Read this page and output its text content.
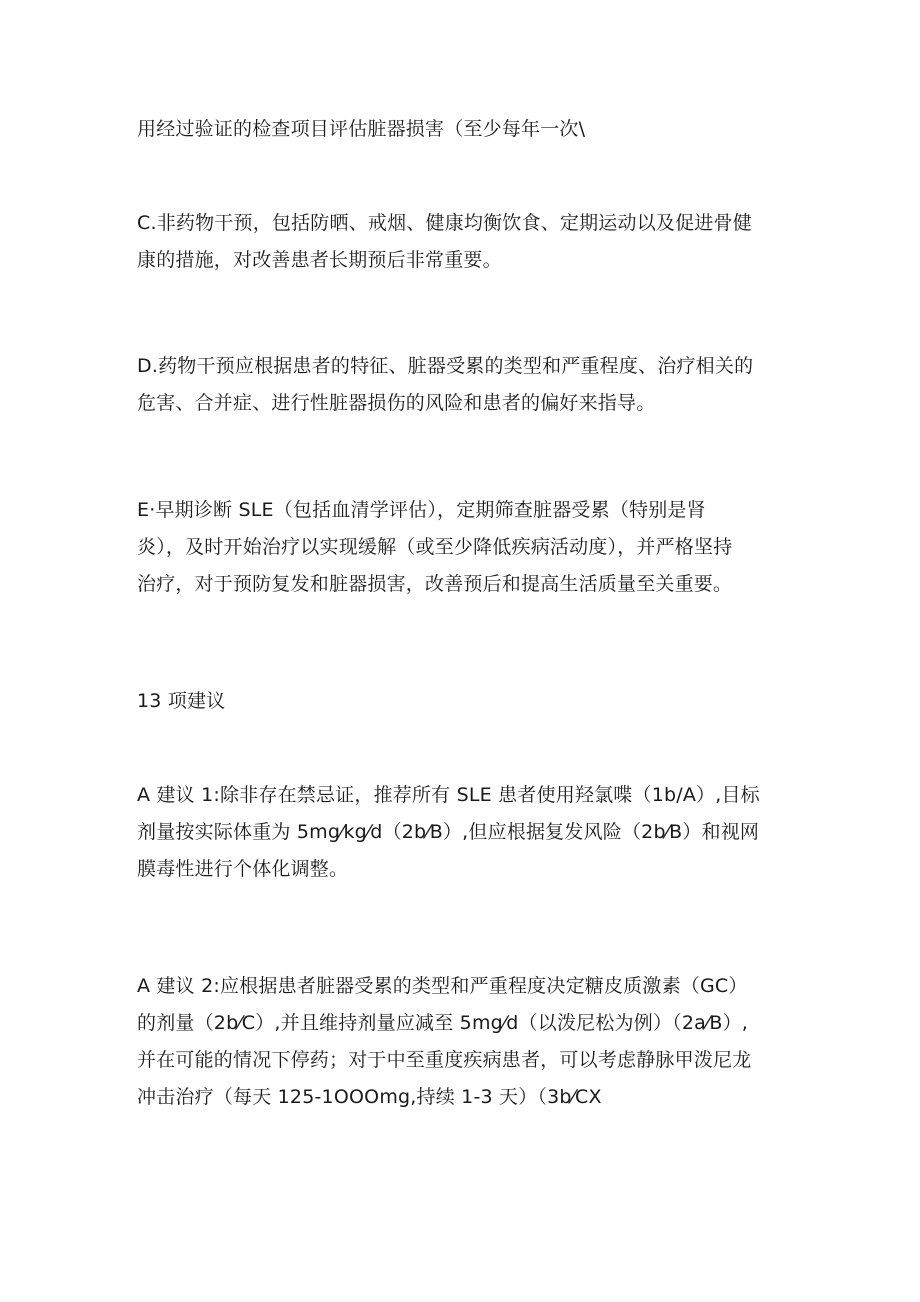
用经过验证的检查项目评估脏器损害（至少每年一次\

C.非药物干预，包括防晒、戒烟、健康均衡饮食、定期运动以及促进骨健
康的措施，对改善患者长期预后非常重要。

D.药物干预应根据患者的特征、脏器受累的类型和严重程度、治疗相关的
危害、合并症、进行性脏器损伤的风险和患者的偏好来指导。

E·早期诊断 SLE（包括血清学评估），定期筛查脏器受累（特别是肾
炎），及时开始治疗以实现缓解（或至少降低疾病活动度），并严格坚持
治疗，对于预防复发和脏器损害，改善预后和提高生活质量至关重要。

13 项建议

A 建议 1:除非存在禁忌证，推荐所有 SLE 患者使用羟氯喋（1b/A）,目标
剂量按实际体重为 5mg⁄kg⁄d（2b⁄B）,但应根据复发风险（2b⁄B）和视网
膜毒性进行个体化调整。

A 建议 2:应根据患者脏器受累的类型和严重程度决定糖皮质激素（GC）
的剂量（2b⁄C）,并且维持剂量应减至 5mg⁄d（以泼尼松为例）（2a⁄B）,
并在可能的情况下停药；对于中至重度疾病患者，可以考虑静脉甲泼尼龙
冲击治疗（每天 125-1OOOmg,持续 1-3 天）（3b⁄CX
